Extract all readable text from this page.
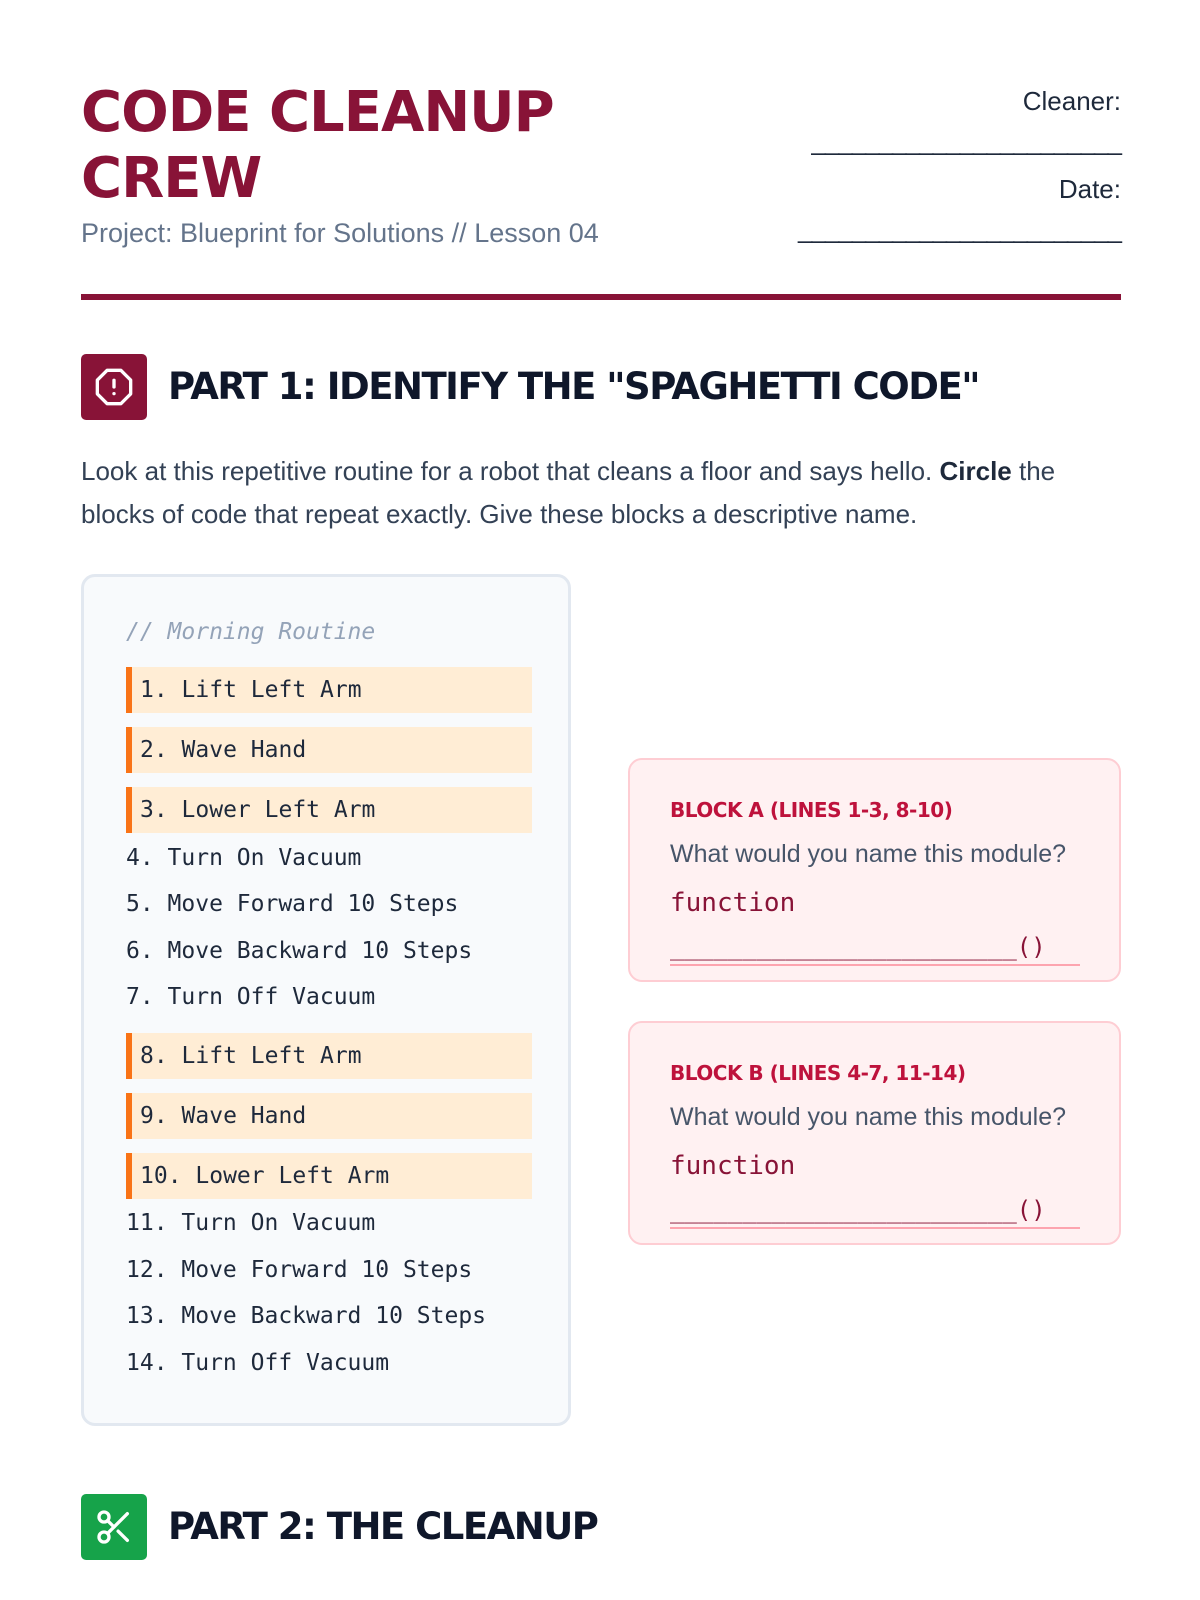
CODE CLEANUP CREW
Project: Blueprint for Solutions // Lesson 04
Cleaner:
_______________________
Date:
________________________
PART 1: IDENTIFY THE "SPAGHETTI CODE"

Look at this repetitive routine for a robot that cleans a floor and says hello. Circle the blocks of code that repeat exactly. Give these blocks a descriptive name.

// Morning Routine
1. Lift Left Arm
2. Wave Hand
3. Lower Left Arm
4. Turn On Vacuum
5. Move Forward 10 Steps
6. Move Backward 10 Steps
7. Turn Off Vacuum
8. Lift Left Arm
9. Wave Hand
10. Lower Left Arm
11. Turn On Vacuum
12. Move Forward 10 Steps
13. Move Backward 10 Steps
14. Turn Off Vacuum
BLOCK A (LINES 1-3, 8-10)
What would you name this module?
function
________________________()
BLOCK B (LINES 4-7, 11-14)
What would you name this module?
function
________________________()
PART 2: THE CLEANUP
